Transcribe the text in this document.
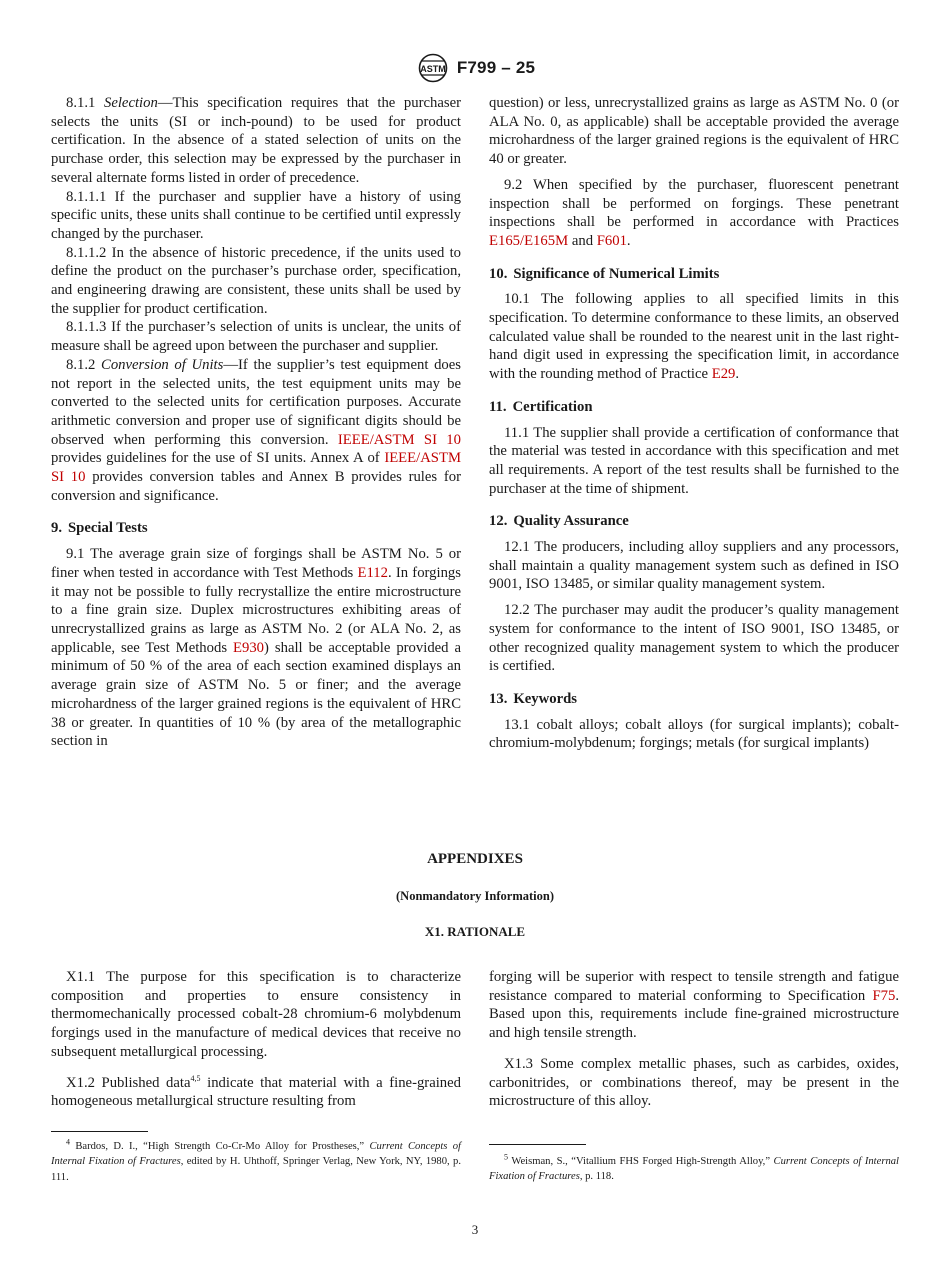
ASTM F799 – 25

8.1.1 Selection—This specification requires that the purchaser selects the units (SI or inch-pound) to be used for product certification. In the absence of a stated selection of units on the purchase order, this selection may be expressed by the purchaser in several alternate forms listed in order of precedence.

8.1.1.1 If the purchaser and supplier have a history of using specific units, these units shall continue to be certified until expressly changed by the purchaser.

8.1.1.2 In the absence of historic precedence, if the units used to define the product on the purchaser’s purchase order, specification, and engineering drawing are consistent, these units shall be used by the supplier for product certification.

8.1.1.3 If the purchaser’s selection of units is unclear, the units of measure shall be agreed upon between the purchaser and supplier.

8.1.2 Conversion of Units—If the supplier’s test equipment does not report in the selected units, the test equipment units may be converted to the selected units for certification purposes. Accurate arithmetic conversion and proper use of significant digits should be observed when performing this conversion. IEEE/ASTM SI 10 provides guidelines for the use of SI units. Annex A of IEEE/ASTM SI 10 provides conversion tables and Annex B provides rules for conversion and significance.

9. Special Tests

9.1 The average grain size of forgings shall be ASTM No. 5 or finer when tested in accordance with Test Methods E112. In forgings it may not be possible to fully recrystallize the entire microstructure to a fine grain size. Duplex microstructures exhibiting areas of unrecrystallized grains as large as ASTM No. 2 (or ALA No. 2, as applicable, see Test Methods E930) shall be acceptable provided a minimum of 50 % of the area of each section examined displays an average grain size of ASTM No. 5 or finer; and the average microhardness of the larger grained regions is the equivalent of HRC 38 or greater. In quantities of 10 % (by area of the metallographic section in

question) or less, unrecrystallized grains as large as ASTM No. 0 (or ALA No. 0, as applicable) shall be acceptable provided the average microhardness of the larger grained regions is the equivalent of HRC 40 or greater.

9.2 When specified by the purchaser, fluorescent penetrant inspection shall be performed on forgings. These penetrant inspections shall be performed in accordance with Practices E165/E165M and F601.

10. Significance of Numerical Limits

10.1 The following applies to all specified limits in this specification. To determine conformance to these limits, an observed calculated value shall be rounded to the nearest unit in the last right-hand digit used in expressing the specification limit, in accordance with the rounding method of Practice E29.

11. Certification

11.1 The supplier shall provide a certification of conformance that the material was tested in accordance with this specification and met all requirements. A report of the test results shall be furnished to the purchaser at the time of shipment.

12. Quality Assurance

12.1 The producers, including alloy suppliers and any processors, shall maintain a quality management system such as defined in ISO 9001, ISO 13485, or similar quality management system.

12.2 The purchaser may audit the producer’s quality management system for conformance to the intent of ISO 9001, ISO 13485, or other recognized quality management system to which the producer is certified.

13. Keywords

13.1 cobalt alloys; cobalt alloys (for surgical implants); cobalt-chromium-molybdenum; forgings; metals (for surgical implants)

APPENDIXES
(Nonmandatory Information)
X1. RATIONALE

X1.1 The purpose for this specification is to characterize composition and properties to ensure consistency in thermomechanically processed cobalt-28 chromium-6 molybdenum forgings used in the manufacture of medical devices that receive no subsequent metallurgical processing.

X1.2 Published data$^{4,5}$ indicate that material with a fine-grained homogeneous metallurgical structure resulting from

forging will be superior with respect to tensile strength and fatigue resistance compared to material conforming to Specification F75. Based upon this, requirements include fine-grained microstructure and high tensile strength.

X1.3 Some complex metallic phases, such as carbides, oxides, carbonitrides, or combinations thereof, may be present in the microstructure of this alloy.

$^4$ Bardos, D. I., “High Strength Co-Cr-Mo Alloy for Prostheses,” Current Concepts of Internal Fixation of Fractures, edited by H. Uhthoff, Springer Verlag, New York, NY, 1980, p. 111.
$^5$ Weisman, S., “Vitallium FHS Forged High-Strength Alloy,” Current Concepts of Internal Fixation of Fractures, p. 118.
3
